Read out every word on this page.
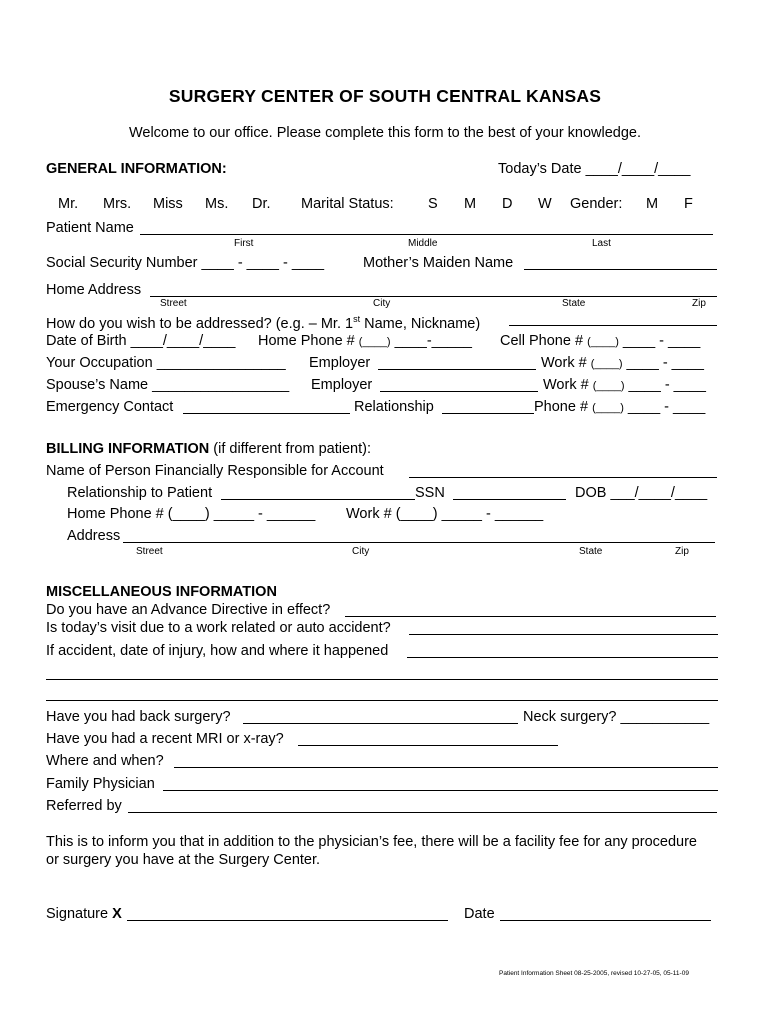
SURGERY CENTER OF SOUTH CENTRAL KANSAS
Welcome to our office. Please complete this form to the best of your knowledge.
GENERAL INFORMATION:	Today’s Date ____/____/____
Mr. Mrs. Miss Ms. Dr. Marital Status: S M D W Gender: M F
Patient Name
First	Middle	Last
Social Security Number ____ - ____ - ____	Mother’s Maiden Name
Home Address
Street	City	State	Zip
How do you wish to be addressed? (e.g. – Mr. 1st Name, Nickname)
Date of Birth ____/____/____ Home Phone # (____) ____-_____ Cell Phone # (____) ____ - ____
Your Occupation ________________ Employer	Work # (____) ____ - ____
Spouse’s Name _________________ Employer	Work # (____) ____ - ____
Emergency Contact	Relationship	Phone # (____) ____ - ____
BILLING INFORMATION (if different from patient):
Name of Person Financially Responsible for Account
Relationship to Patient	SSN	DOB ___/____/____
Home Phone # (____) _____ - ______ Work # (____) _____ - ______
Address
Street	City	State	Zip
MISCELLANEOUS INFORMATION
Do you have an Advance Directive in effect?
Is today’s visit due to a work related or auto accident?
If accident, date of injury, how and where it happened
Have you had back surgery?	Neck surgery? ___________
Have you had a recent MRI or x-ray?
Where and when?
Family Physician
Referred by
This is to inform you that in addition to the physician’s fee, there will be a facility fee for any procedure
or surgery you have at the Surgery Center.
Signature X	Date
Patient Information Sheet 08-25-2005, revised 10-27-05, 05-11-09
